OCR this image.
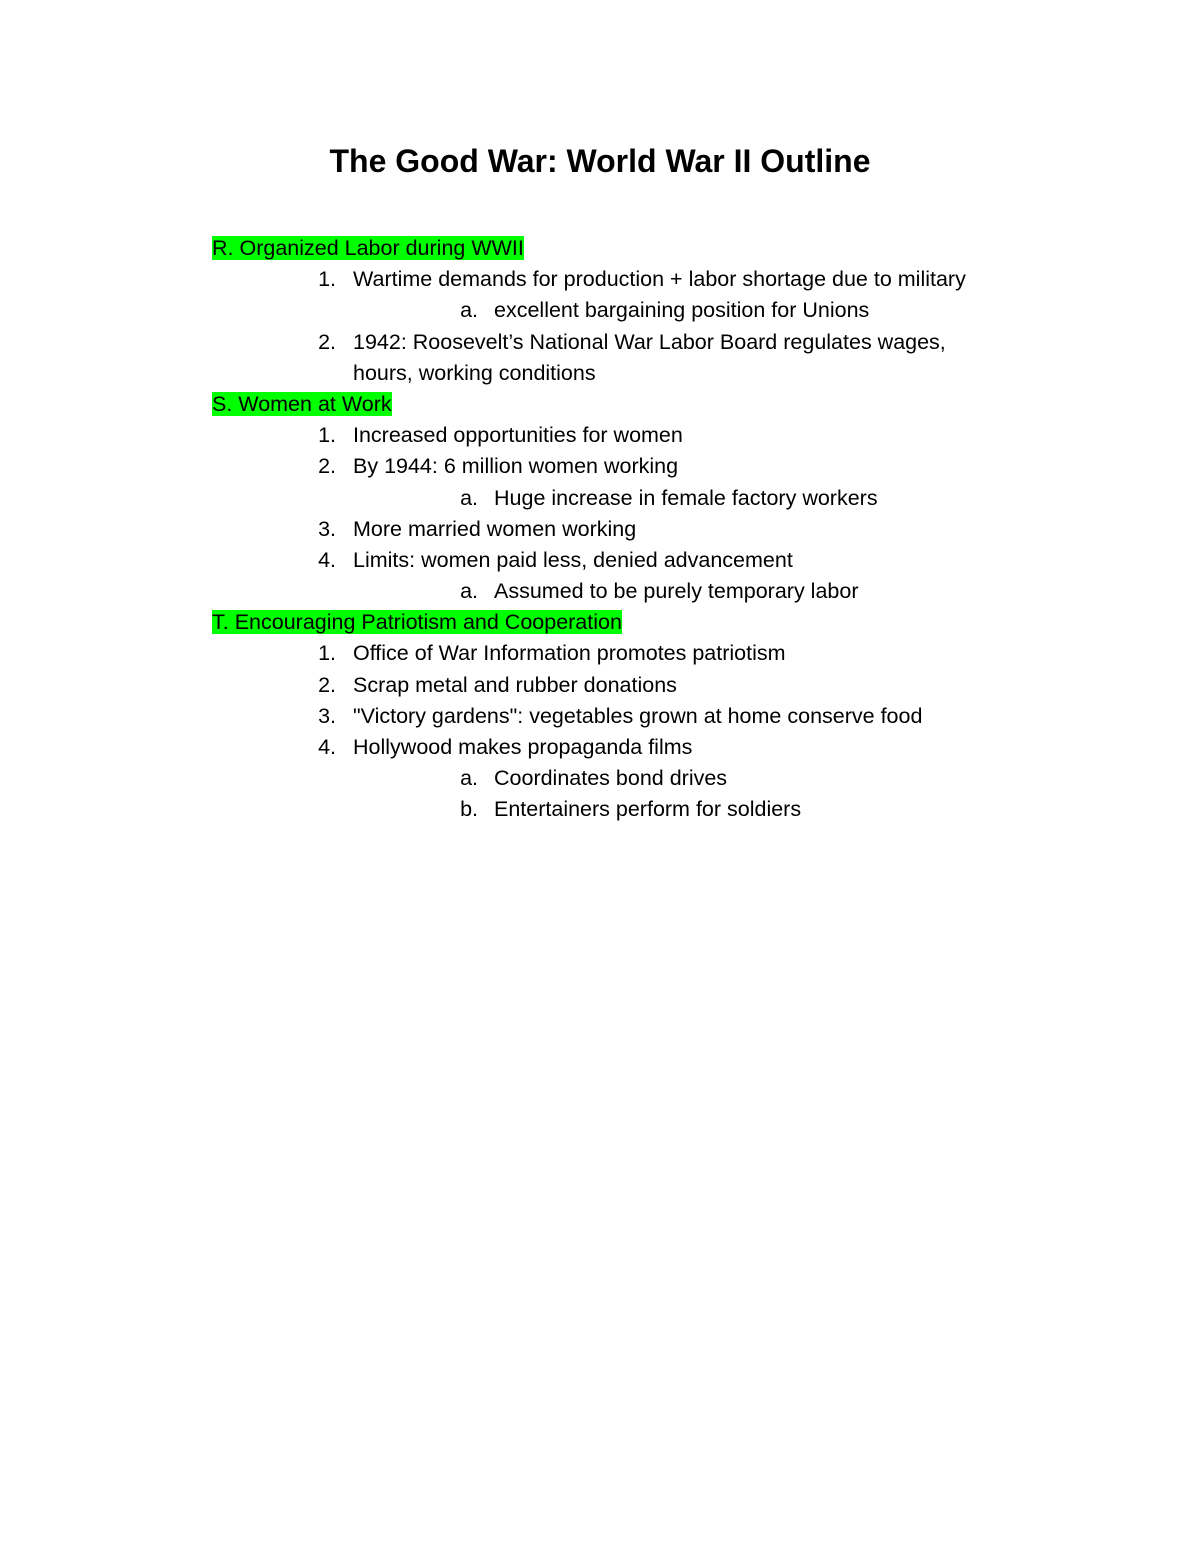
The Good War: World War II Outline
R. Organized Labor during WWII
1. Wartime demands for production + labor shortage due to military
a. excellent bargaining position for Unions
2. 1942: Roosevelt’s National War Labor Board regulates wages,
hours, working conditions
S. Women at Work
1. Increased opportunities for women
2. By 1944: 6 million women working
a. Huge increase in female factory workers
3. More married women working
4. Limits: women paid less, denied advancement
a. Assumed to be purely temporary labor
T. Encouraging Patriotism and Cooperation
1. Office of War Information promotes patriotism
2. Scrap metal and rubber donations
3. "Victory gardens": vegetables grown at home conserve food
4. Hollywood makes propaganda films
a. Coordinates bond drives
b. Entertainers perform for soldiers
